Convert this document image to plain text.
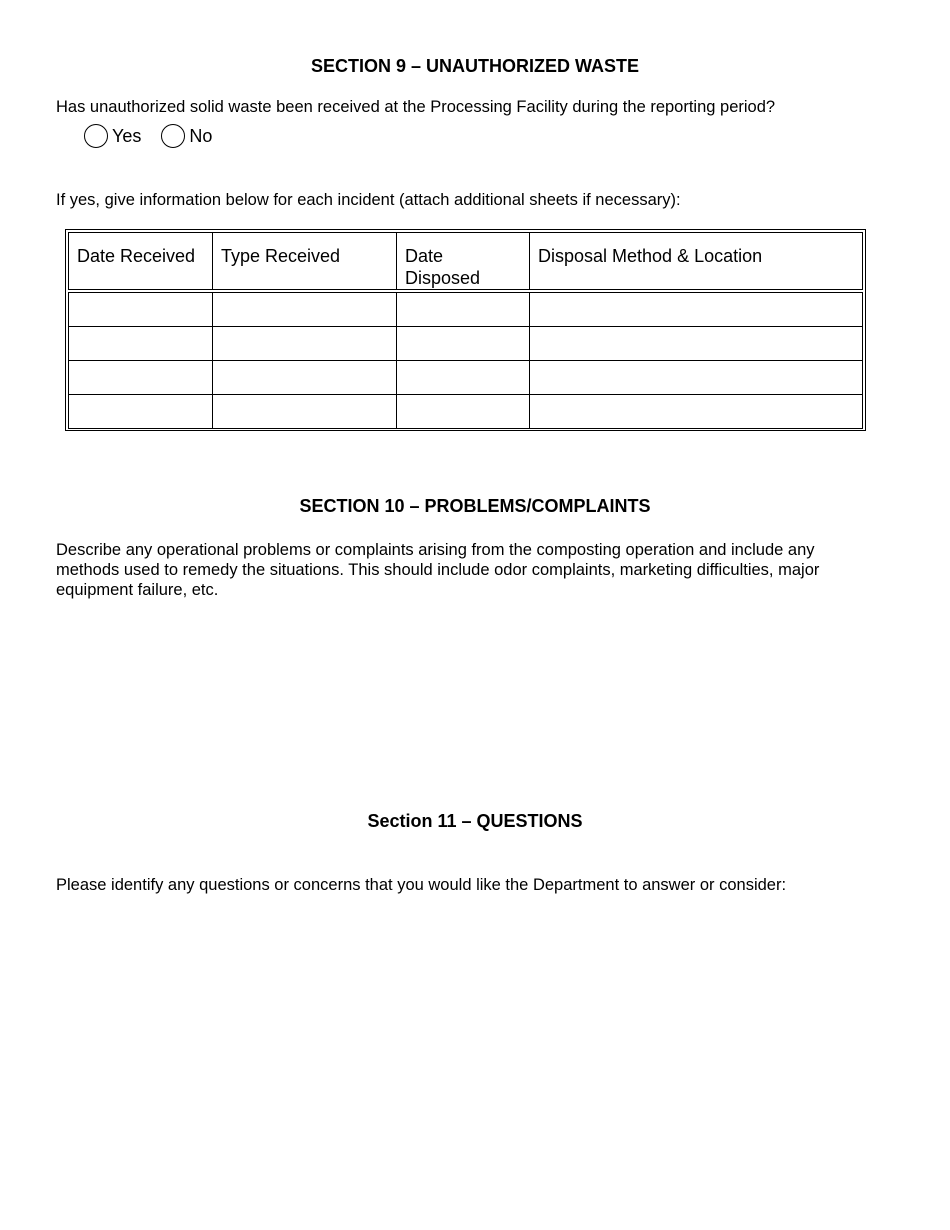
SECTION 9 – UNAUTHORIZED WASTE

Has unauthorized solid waste been received at the Processing Facility during the reporting period?

Yes	No

If yes, give information below for each incident (attach additional sheets if necessary):

Date Received	Type Received	Date Disposed	Disposal Method & Location

SECTION 10 – PROBLEMS/COMPLAINTS

Describe any operational problems or complaints arising from the composting operation and include any methods used to remedy the situations. This should include odor complaints, marketing difficulties, major equipment failure, etc.

Section 11 – QUESTIONS

Please identify any questions or concerns that you would like the Department to answer or consider:
